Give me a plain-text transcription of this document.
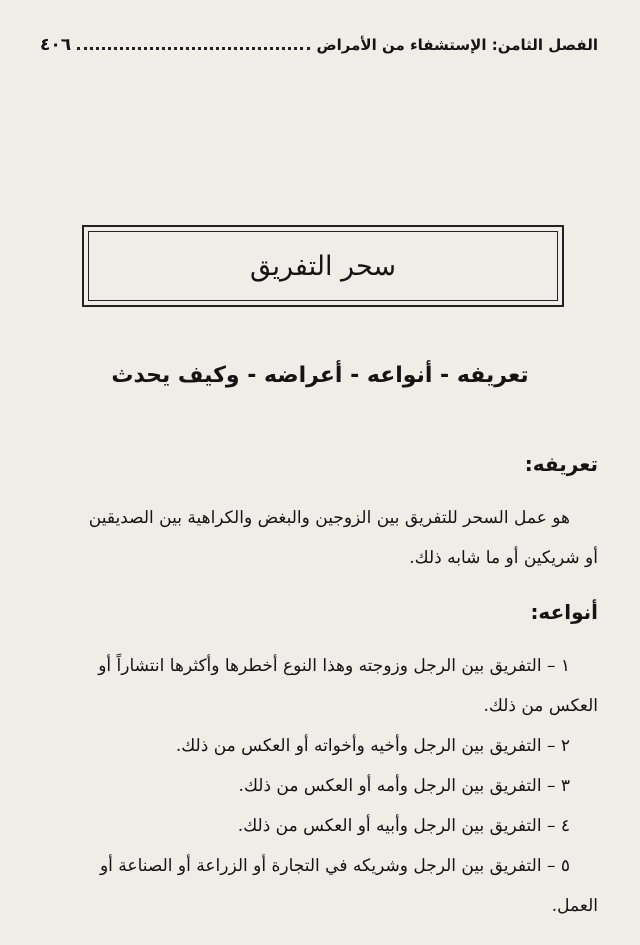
الفصل الثامن: الإستشفاء من الأمراض
٤٠٦
سحر التفريق
تعريفه - أنواعه - أعراضه - وكيف يحدث
تعريفه:
هو عمل السحر للتفريق بين الزوجين والبغض والكراهية بين الصديقين
أو شريكين أو ما شابه ذلك.
أنواعه:
١ – التفريق بين الرجل وزوجته وهذا النوع أخطرها وأكثرها انتشاراً أو
العكس من ذلك.
٢ – التفريق بين الرجل وأخيه وأخواته أو العكس من ذلك.
٣ – التفريق بين الرجل وأمه أو العكس من ذلك.
٤ – التفريق بين الرجل وأبيه أو العكس من ذلك.
٥ – التفريق بين الرجل وشريكه في التجارة أو الزراعة أو الصناعة أو
العمل.
